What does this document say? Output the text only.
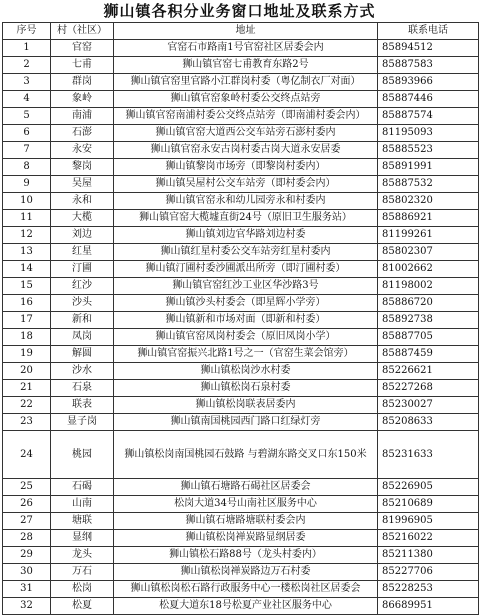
狮山镇各积分业务窗口地址及联系方式
序号	村（社区）	地址	联系电话
1	官窑	官窑石市路南1号官窑社区居委会内	85894512
2	七甫	狮山镇官窑七甫教育东路2号	85887583
3	群岗	狮山镇官窑里官路小江群岗村委（粤亿制衣厂对面）	85893966
4	象岭	狮山镇官窑象岭村委公交终点站旁	85887446
5	南浦	狮山镇官窑南浦村委公交终点站旁（即南浦村委会内）	85887574
6	石澎	狮山镇官窑大道西公交车站旁石澎村委内	81195093
7	永安	狮山镇官窑永安古岗村委古岗大道永安居委	85885523
8	黎岗	狮山镇黎岗市场旁（即黎岗村委内）	85891991
9	吴屋	狮山镇吴屋村公交车站旁（即村委会内）	85887532
10	永和	狮山镇官窑永和幼儿园旁永和村委内	85802320
11	大榄	狮山镇官窑大榄墟直街24号（原旧卫生服务站）	85886921
12	刘边	狮山镇刘边官华路刘边村委	81199261
13	红星	狮山镇红星村委公交车站旁红星村委内	85802307
14	汀圃	狮山镇汀圃村委沙圃派出所旁（即汀圃村委）	81002662
15	红沙	狮山镇官窑红沙工业区华沙路3号	81198002
16	沙头	狮山镇沙头村委会（即星辉小学旁）	85886720
17	新和	狮山镇新和市场对面（即新和村委）	85892738
18	凤岗	狮山镇官窑凤岗村委会（原旧凤岗小学）	85887705
19	解圆	狮山镇官窑振兴北路1号之一（官窑生菜会馆旁）	85887459
20	沙水	狮山镇松岗沙水村委	85226621
21	石泉	狮山镇松岗石泉村委	85227268
22	联表	狮山镇松岗联表居委内	85230027
23	显子岗	狮山镇南国桃园西门路口红绿灯旁	85208633
24	桃园	狮山镇松岗南国桃园石鼓路 与碧湖东路交叉口东150米	85231633
25	石碣	狮山镇石塘路石碣社区居委会	85226905
26	山南	松岗大道34号山南社区服务中心	85210689
27	塘联	狮山镇石塘路塘联村委会内	81996905
28	显纲	狮山镇松岗禅炭路显纲居委	85216022
29	龙头	狮山镇松石路88号（龙头村委内）	85211380
30	万石	狮山镇松岗禅炭路边万石村委	85227706
31	松岗	狮山镇松岗松石路行政服务中心一楼松岗社区居委会	85228253
32	松夏	松夏大道东18号松夏产业社区服务中心	86689951
